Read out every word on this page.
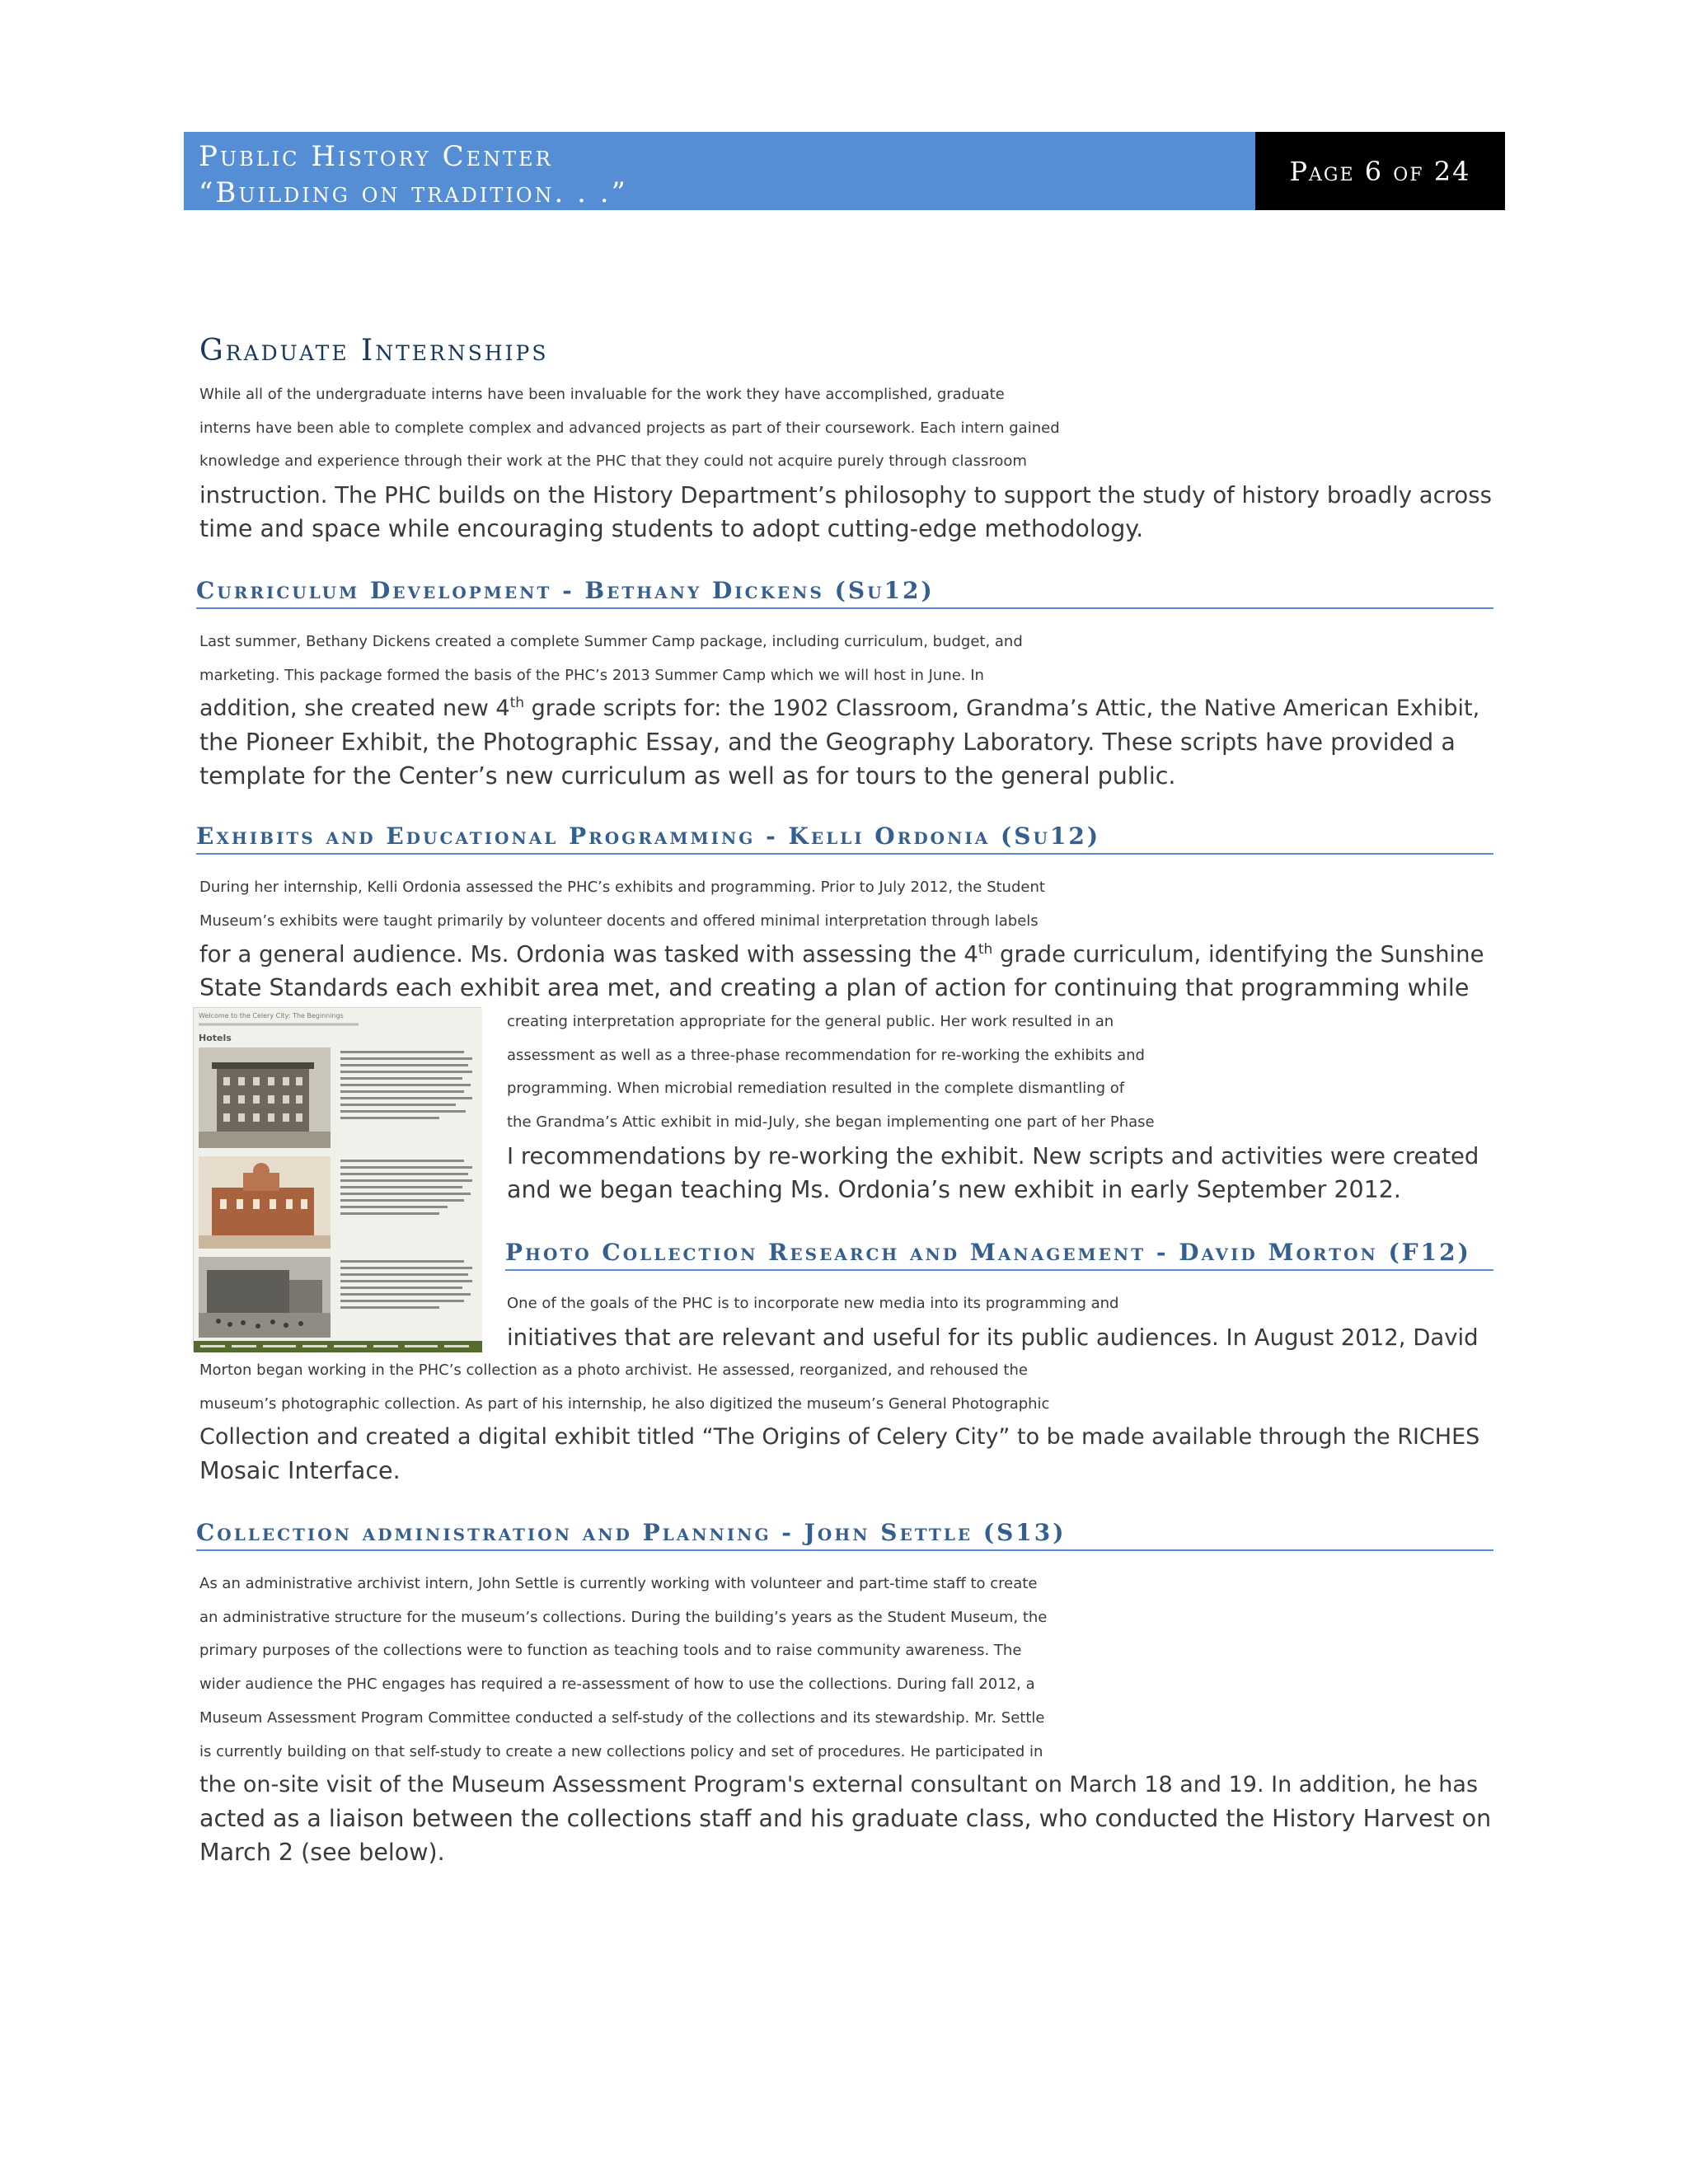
Public History Center
“Building on tradition. . .”
Page 6 of 24
Graduate Internships
While all of the undergraduate interns have been invaluable for the work they have accomplished, graduate
interns have been able to complete complex and advanced projects as part of their coursework. Each intern gained
knowledge and experience through their work at the PHC that they could not acquire purely through classroom
instruction. The PHC builds on the History Department’s philosophy to support the study of history broadly across
time and space while encouraging students to adopt cutting-edge methodology.
Curriculum Development - Bethany Dickens (Su12)
Last summer, Bethany Dickens created a complete Summer Camp package, including curriculum, budget, and
marketing. This package formed the basis of the PHC’s 2013 Summer Camp which we will host in June. In
addition, she created new 4th grade scripts for: the 1902 Classroom, Grandma’s Attic, the Native American Exhibit,
the Pioneer Exhibit, the Photographic Essay, and the Geography Laboratory. These scripts have provided a
template for the Center’s new curriculum as well as for tours to the general public.
Exhibits and Educational Programming - Kelli Ordonia (Su12)
During her internship, Kelli Ordonia assessed the PHC’s exhibits and programming. Prior to July 2012, the Student
Museum’s exhibits were taught primarily by volunteer docents and offered minimal interpretation through labels
for a general audience. Ms. Ordonia was tasked with assessing the 4th grade curriculum, identifying the Sunshine
State Standards each exhibit area met, and creating a plan of action for continuing that programming while
creating interpretation appropriate for the general public. Her work resulted in an
assessment as well as a three-phase recommendation for re-working the exhibits and
programming. When microbial remediation resulted in the complete dismantling of
the Grandma’s Attic exhibit in mid-July, she began implementing one part of her Phase
I recommendations by re-working the exhibit. New scripts and activities were created
and we began teaching Ms. Ordonia’s new exhibit in early September 2012.
Welcome to the Celery City: The Beginnings
Hotels
Photo Collection Research and Management - David Morton (F12)
One of the goals of the PHC is to incorporate new media into its programming and
initiatives that are relevant and useful for its public audiences. In August 2012, David
Morton began working in the PHC’s collection as a photo archivist. He assessed, reorganized, and rehoused the
museum’s photographic collection. As part of his internship, he also digitized the museum’s General Photographic
Collection and created a digital exhibit titled “The Origins of Celery City” to be made available through the RICHES
Mosaic Interface.
Collection administration and Planning - John Settle (S13)
As an administrative archivist intern, John Settle is currently working with volunteer and part-time staff to create
an administrative structure for the museum’s collections. During the building’s years as the Student Museum, the
primary purposes of the collections were to function as teaching tools and to raise community awareness. The
wider audience the PHC engages has required a re-assessment of how to use the collections. During fall 2012, a
Museum Assessment Program Committee conducted a self-study of the collections and its stewardship. Mr. Settle
is currently building on that self-study to create a new collections policy and set of procedures. He participated in
the on-site visit of the Museum Assessment Program's external consultant on March 18 and 19. In addition, he has
acted as a liaison between the collections staff and his graduate class, who conducted the History Harvest on
March 2 (see below).
